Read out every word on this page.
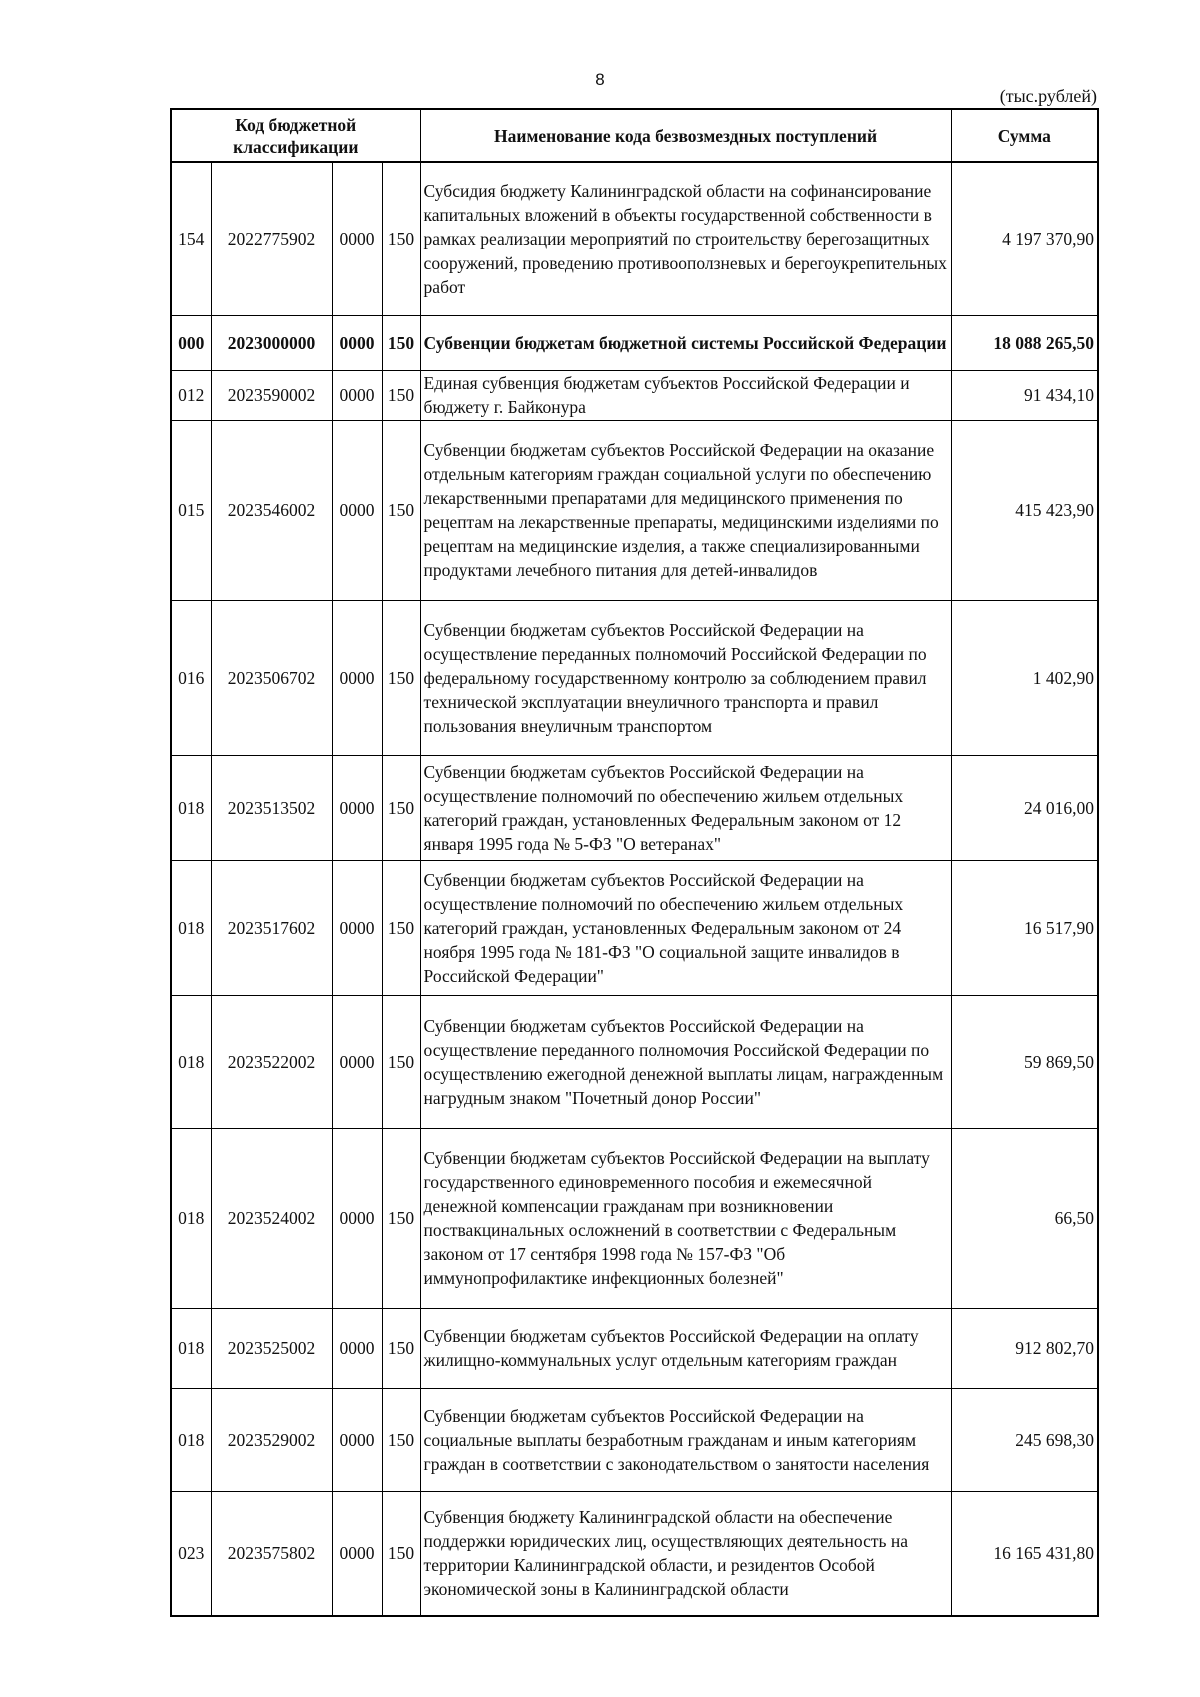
8
(тыс.рублей)
Код бюджетной классификации				Наименование кода безвозмездных поступлений	Сумма
154	2022775902	0000	150	Субсидия бюджету Калининградской области на софинансирование капитальных вложений в объекты государственной собственности в рамках реализации мероприятий по строительству берегозащитных сооружений, проведению противооползневых и берегоукрепительных работ	4 197 370,90
000	2023000000	0000	150	Субвенции бюджетам бюджетной системы Российской Федерации	18 088 265,50
012	2023590002	0000	150	Единая субвенция бюджетам субъектов Российской Федерации и бюджету г. Байконура	91 434,10
015	2023546002	0000	150	Субвенции бюджетам субъектов Российской Федерации на оказание отдельным категориям граждан социальной услуги по обеспечению лекарственными препаратами для медицинского применения по рецептам на лекарственные препараты, медицинскими изделиями по рецептам на медицинские изделия, а также специализированными продуктами лечебного питания для детей-инвалидов	415 423,90
016	2023506702	0000	150	Субвенции бюджетам субъектов Российской Федерации на осуществление переданных полномочий Российской Федерации по федеральному государственному контролю за соблюдением правил технической эксплуатации внеуличного транспорта и правил пользования внеуличным транспортом	1 402,90
018	2023513502	0000	150	Субвенции бюджетам субъектов Российской Федерации на осуществление полномочий по обеспечению жильем отдельных категорий граждан, установленных Федеральным законом от 12 января 1995 года № 5-ФЗ "О ветеранах"	24 016,00
018	2023517602	0000	150	Субвенции бюджетам субъектов Российской Федерации на осуществление полномочий по обеспечению жильем отдельных категорий граждан, установленных Федеральным законом от 24 ноября 1995 года № 181-ФЗ "О социальной защите инвалидов в Российской Федерации"	16 517,90
018	2023522002	0000	150	Субвенции бюджетам субъектов Российской Федерации на осуществление переданного полномочия Российской Федерации по осуществлению ежегодной денежной выплаты лицам, награжденным нагрудным знаком "Почетный донор России"	59 869,50
018	2023524002	0000	150	Субвенции бюджетам субъектов Российской Федерации на выплату государственного единовременного пособия и ежемесячной денежной компенсации гражданам при возникновении поствакцинальных осложнений в соответствии с Федеральным законом от 17 сентября 1998 года № 157-ФЗ "Об иммунопрофилактике инфекционных болезней"	66,50
018	2023525002	0000	150	Субвенции бюджетам субъектов Российской Федерации на оплату жилищно-коммунальных услуг отдельным категориям граждан	912 802,70
018	2023529002	0000	150	Субвенции бюджетам субъектов Российской Федерации на социальные выплаты безработным гражданам и иным категориям граждан в соответствии с законодательством о занятости населения	245 698,30
023	2023575802	0000	150	Субвенция бюджету Калининградской области на обеспечение поддержки юридических лиц, осуществляющих деятельность на территории Калининградской области, и резидентов Особой экономической зоны в Калининградской области	16 165 431,80
